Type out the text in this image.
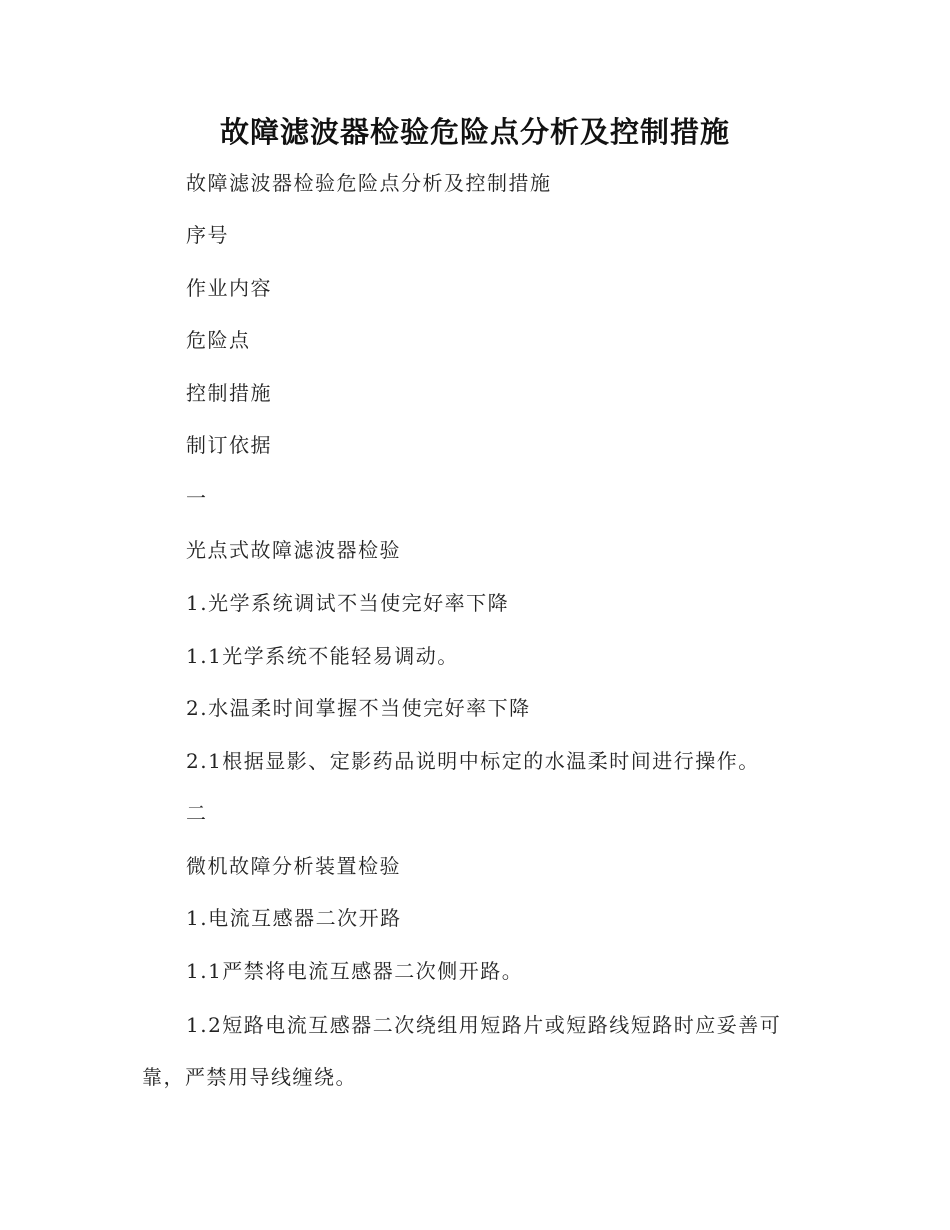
故障滤波器检验危险点分析及控制措施
故障滤波器检验危险点分析及控制措施
序号
作业内容
危险点
控制措施
制订依据
一
光点式故障滤波器检验
1.光学系统调试不当使完好率下降
1.1光学系统不能轻易调动。
2.水温柔时间掌握不当使完好率下降
2.1根据显影、定影药品说明中标定的水温柔时间进行操作。
二
微机故障分析装置检验
1.电流互感器二次开路
1.1严禁将电流互感器二次侧开路。
1.2短路电流互感器二次绕组用短路片或短路线短路时应妥善可靠，严禁用导线缠绕。
